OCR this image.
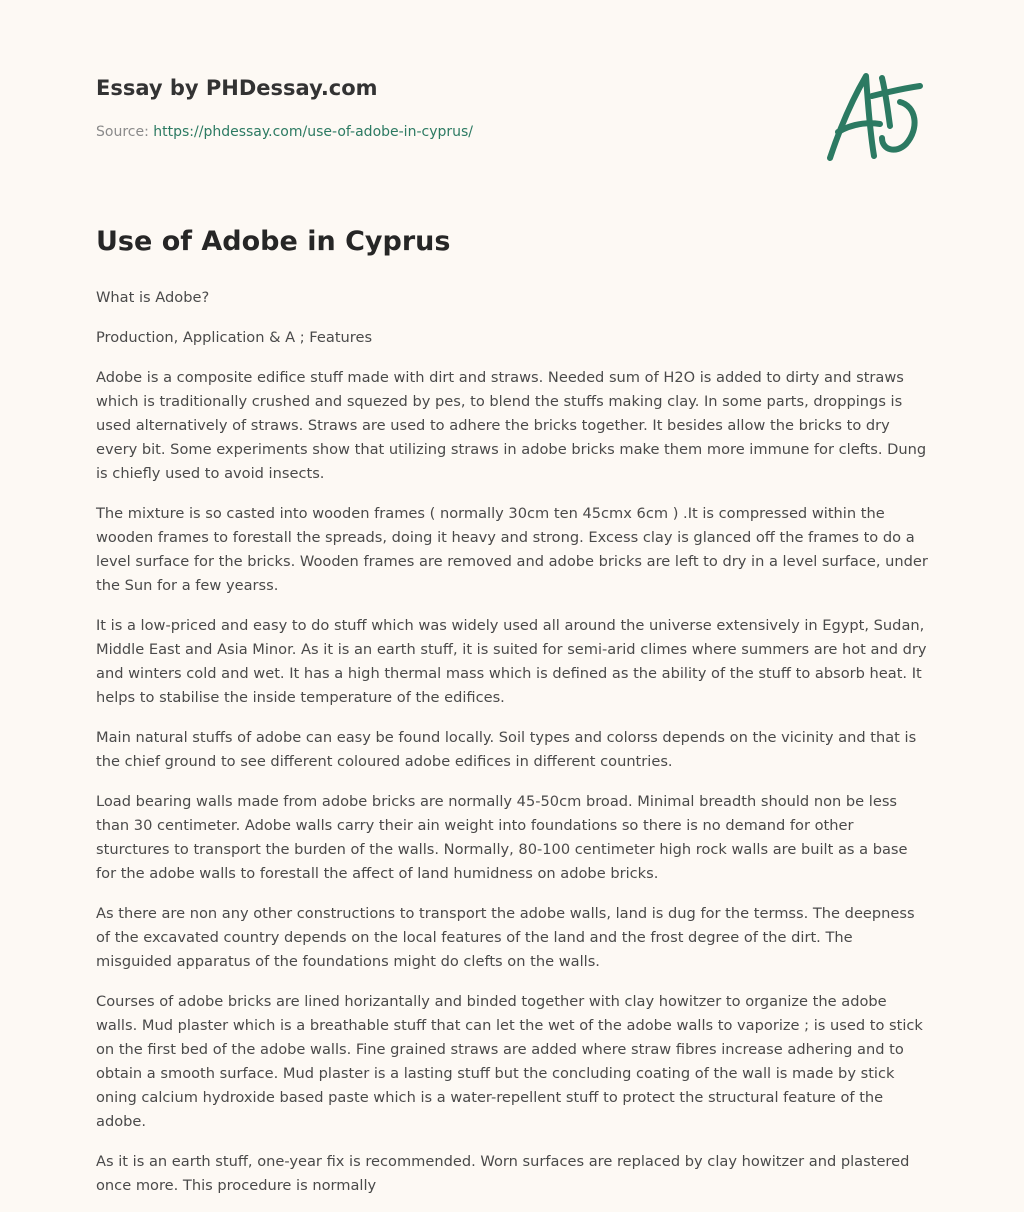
Essay by PHDessay.com
Source: https://phdessay.com/use-of-adobe-in-cyprus/
Use of Adobe in Cyprus

What is Adobe?

Production, Application & A ; Features

Adobe is a composite edifice stuff made with dirt and straws. Needed sum of H2O is added to dirty and straws which is traditionally crushed and squezed by pes, to blend the stuffs making clay. In some parts, droppings is used alternatively of straws. Straws are used to adhere the bricks together. It besides allow the bricks to dry every bit. Some experiments show that utilizing straws in adobe bricks make them more immune for clefts. Dung is chiefly used to avoid insects.

The mixture is so casted into wooden frames ( normally 30cm ten 45cmx 6cm ) .It is compressed within the wooden frames to forestall the spreads, doing it heavy and strong. Excess clay is glanced off the frames to do a level surface for the bricks. Wooden frames are removed and adobe bricks are left to dry in a level surface, under the Sun for a few yearss.

It is a low-priced and easy to do stuff which was widely used all around the universe extensively in Egypt, Sudan, Middle East and Asia Minor. As it is an earth stuff, it is suited for semi-arid climes where summers are hot and dry and winters cold and wet. It has a high thermal mass which is defined as the ability of the stuff to absorb heat. It helps to stabilise the inside temperature of the edifices.

Main natural stuffs of adobe can easy be found locally. Soil types and colorss depends on the vicinity and that is the chief ground to see different coloured adobe edifices in different countries.

Load bearing walls made from adobe bricks are normally 45-50cm broad. Minimal breadth should non be less than 30 centimeter. Adobe walls carry their ain weight into foundations so there is no demand for other sturctures to transport the burden of the walls. Normally, 80-100 centimeter high rock walls are built as a base for the adobe walls to forestall the affect of land humidness on adobe bricks.

As there are non any other constructions to transport the adobe walls, land is dug for the termss. The deepness of the excavated country depends on the local features of the land and the frost degree of the dirt. The misguided apparatus of the foundations might do clefts on the walls.

Courses of adobe bricks are lined horizantally and binded together with clay howitzer to organize the adobe walls. Mud plaster which is a breathable stuff that can let the wet of the adobe walls to vaporize ; is used to stick on the first bed of the adobe walls. Fine grained straws are added where straw fibres increase adhering and to obtain a smooth surface. Mud plaster is a lasting stuff but the concluding coating of the wall is made by stick oning calcium hydroxide based paste which is a water-repellent stuff to protect the structural feature of the adobe.

As it is an earth stuff, one-year fix is recommended. Worn surfaces are replaced by clay howitzer and plastered once more. This procedure is normally
